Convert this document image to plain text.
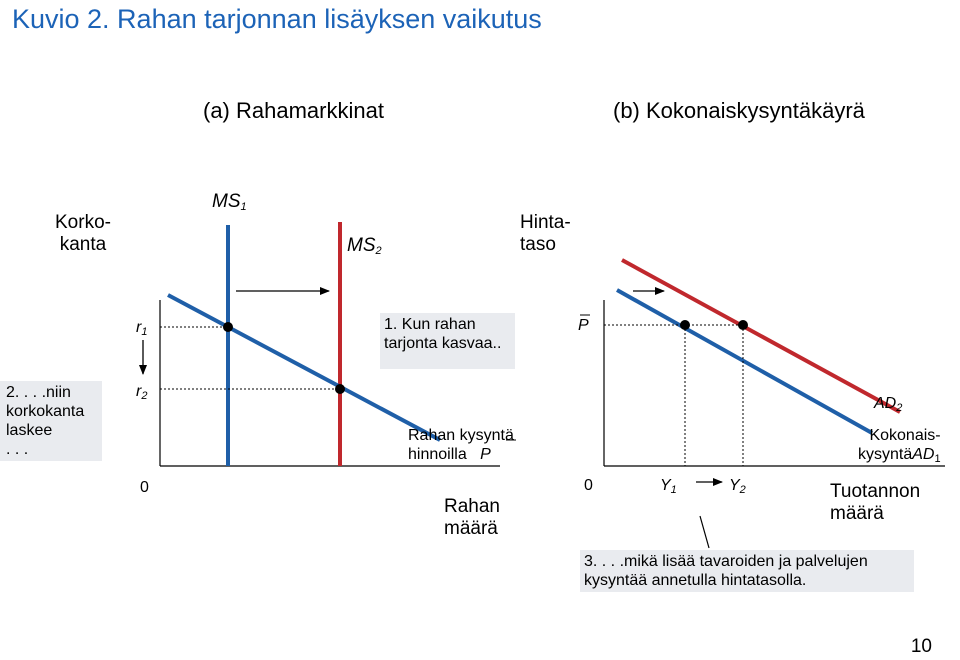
Kuvio 2. Rahan tarjonnan lisäyksen vaikutus
(a) Rahamarkkinat	(b) Kokonaiskysyntäkäyrä
Korko-
kanta
$MS_1$
$MS_2$
$r_1$
$r_2$
0
1. Kun rahan
tarjonta kasvaa..
2. . . .niin
korkokanta
laskee
. . .
Rahan kysyntä
hinnoilla P
Rahan
määrä
Hinta-
taso
P
0	$Y_1$	$Y_2$
$AD_2$
Kokonais-
kysyntäAD$_1$
Tuotannon
määrä
3. . . .mikä lisää tavaroiden ja palvelujen
kysyntää annetulla hintatasolla.
10
